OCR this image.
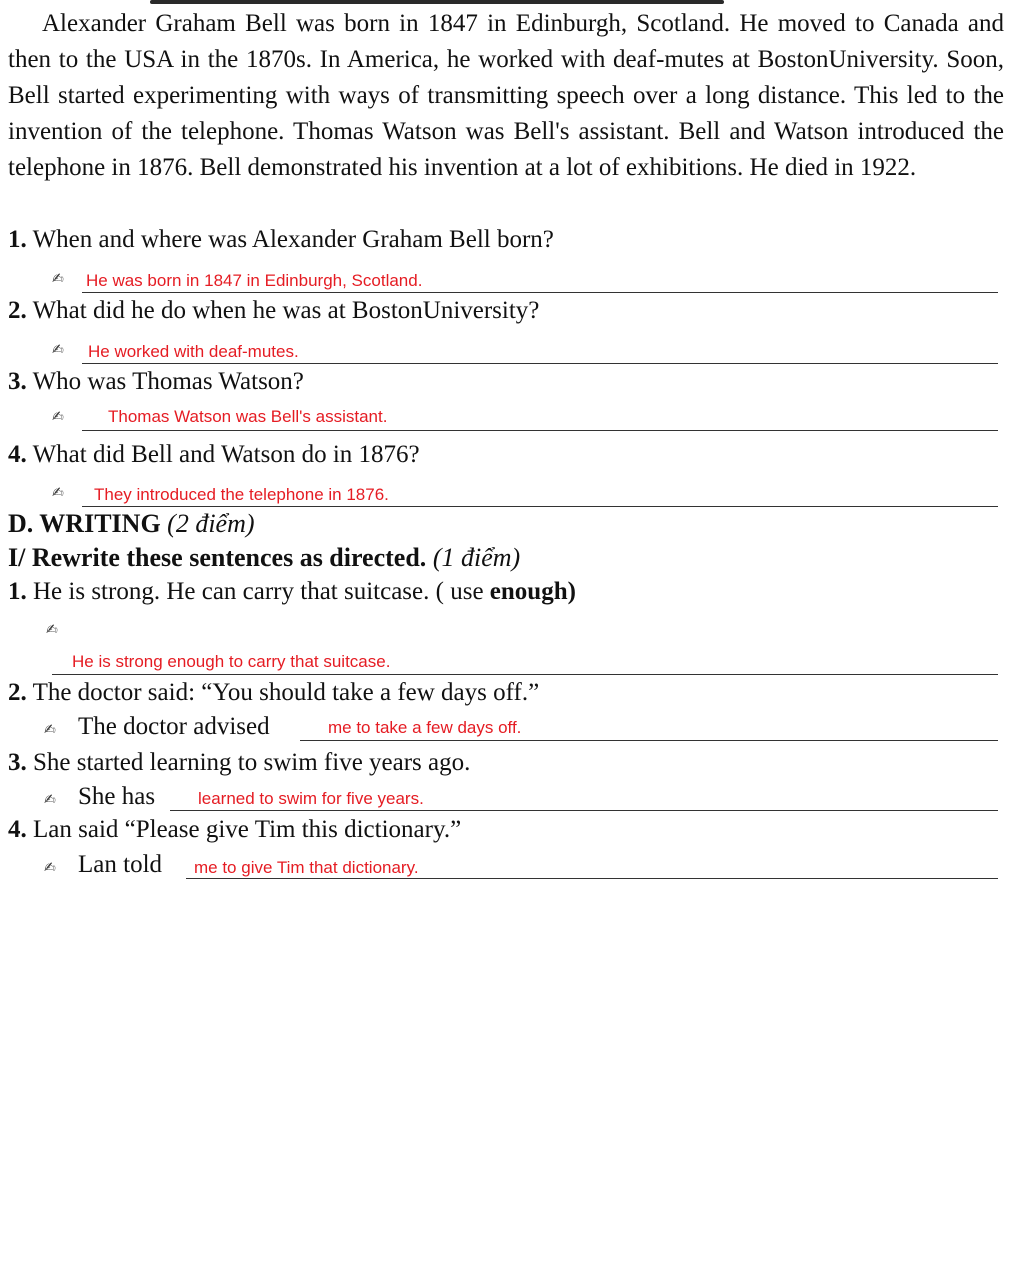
Alexander Graham Bell was born in 1847 in Edinburgh, Scotland. He moved to Canada and then to the USA in the 1870s. In America, he worked with deaf-mutes at BostonUniversity. Soon, Bell started experimenting with ways of transmitting speech over a long distance. This led to the invention of the telephone. Thomas Watson was Bell's assistant. Bell and Watson introduced the telephone in 1876. Bell demonstrated his invention at a lot of exhibitions. He died in 1922.

1. When and where was Alexander Graham Bell born?
✍	He was born in 1847 in Edinburgh, Scotland.
2. What did he do when he was at BostonUniversity?
✍	He worked with deaf-mutes.
3. Who was Thomas Watson?
✍	Thomas Watson was Bell's assistant.
4. What did Bell and Watson do in 1876?
✍	They introduced the telephone in 1876.
D. WRITING (2 điểm)
I/ Rewrite these sentences as directed. (1 điểm)
1. He is strong. He can carry that suitcase. ( use enough)
✍
He is strong enough to carry that suitcase.
2. The doctor said: “You should take a few days off.”
✍ The doctor advised	me to take a few days off.
3. She started learning to swim five years ago.
✍ She has	learned to swim for five years.
4. Lan said “Please give Tim this dictionary.”
✍ Lan told me to give Tim that dictionary.
